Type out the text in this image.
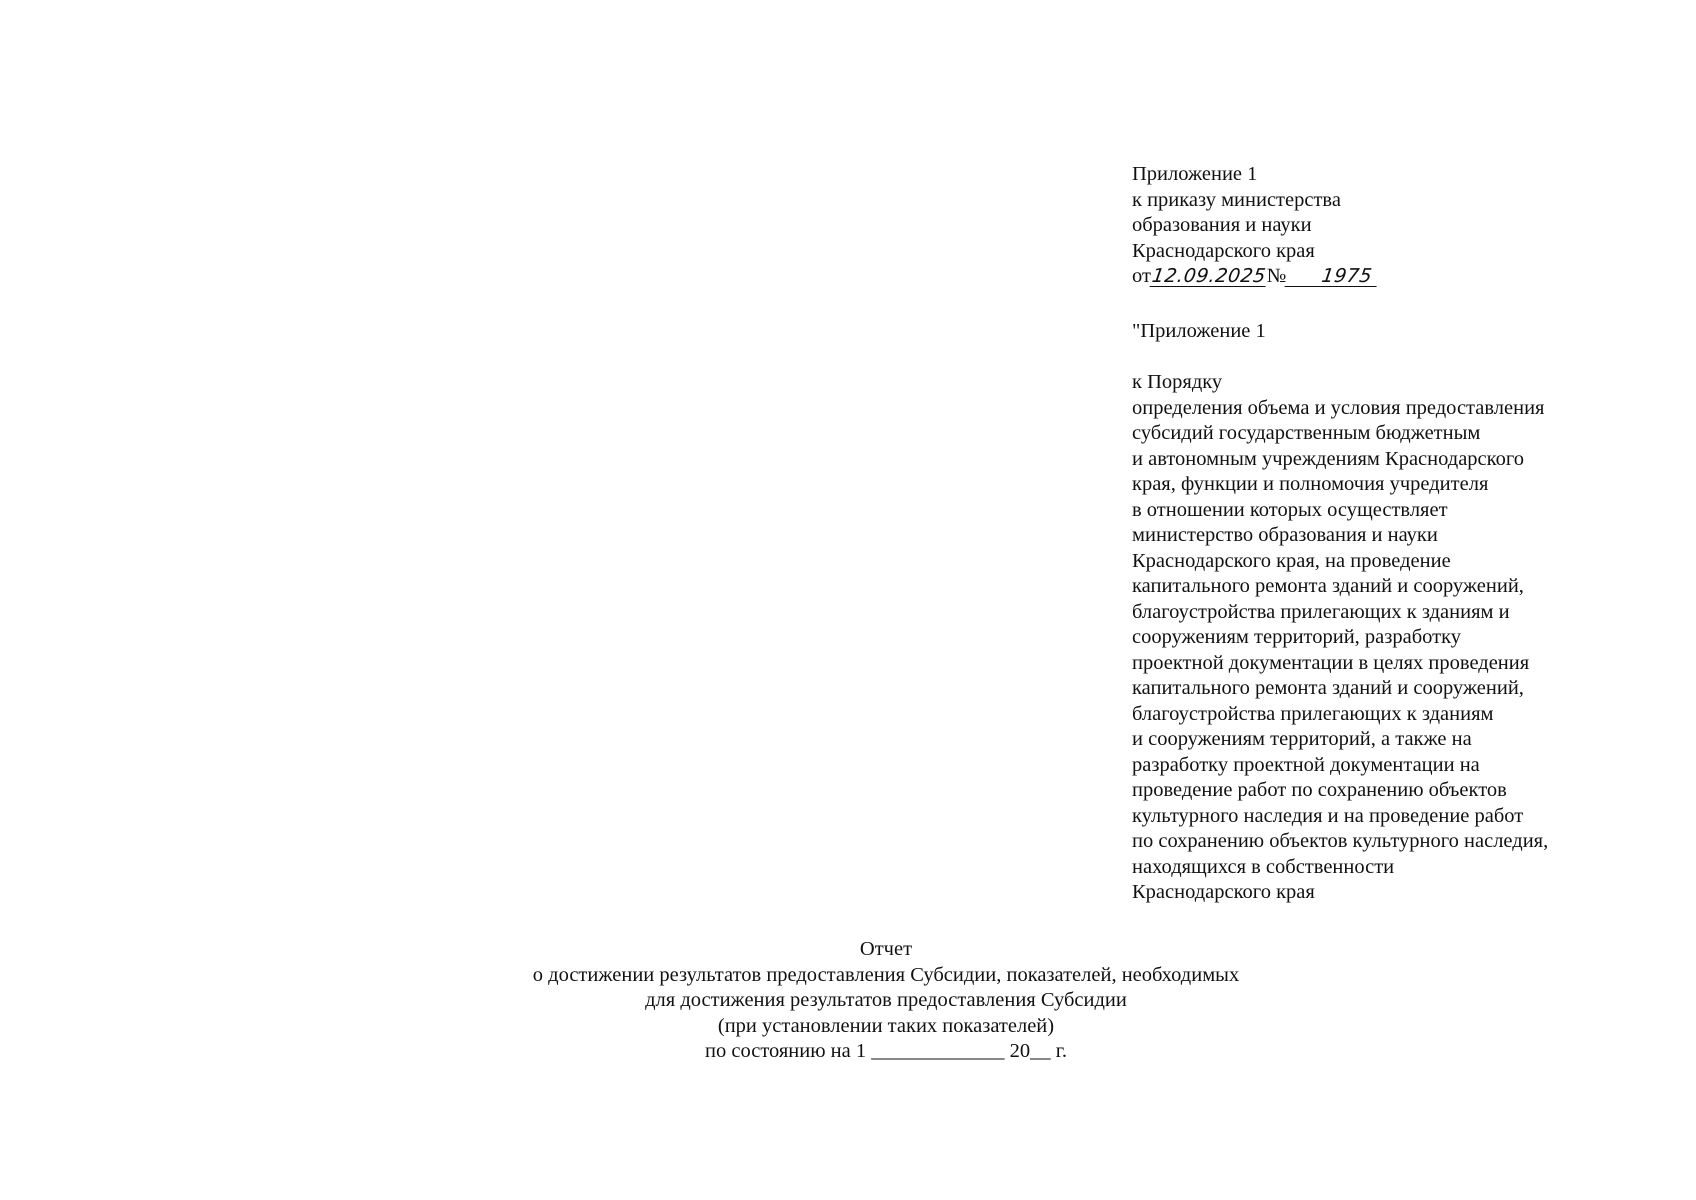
Приложение 1
к приказу министерства
образования и науки
Краснодарского края
от12.09.2025№ 1975
"Приложение 1
к Порядку
определения объема и условия предоставления
субсидий государственным бюджетным
и автономным учреждениям Краснодарского
края, функции и полномочия учредителя
в отношении которых осуществляет
министерство образования и науки
Краснодарского края, на проведение
капитального ремонта зданий и сооружений,
благоустройства прилегающих к зданиям и
сооружениям территорий, разработку
проектной документации в целях проведения
капитального ремонта зданий и сооружений,
благоустройства прилегающих к зданиям
и сооружениям территорий, а также на
разработку проектной документации на
проведение работ по сохранению объектов
культурного наследия и на проведение работ
по сохранению объектов культурного наследия,
находящихся в собственности
Краснодарского края
Отчет
о достижении результатов предоставления Субсидии, показателей, необходимых
для достижения результатов предоставления Субсидии
(при установлении таких показателей)
по состоянию на 1 _____________ 20__ г.
